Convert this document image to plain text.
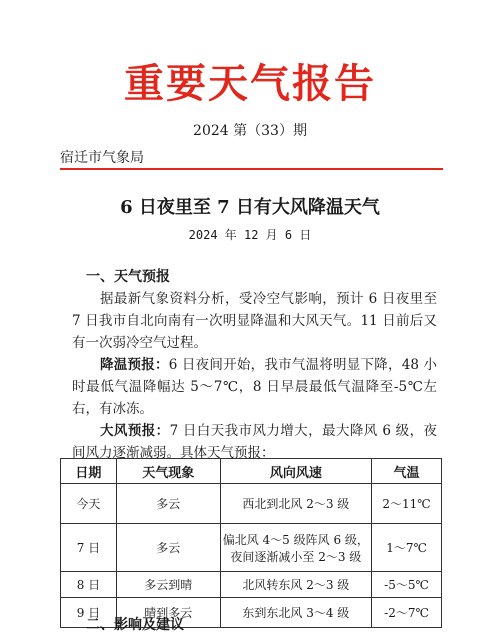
重要天气报告
2024 第（33）期
宿迁市气象局
6 日夜里至 7 日有大风降温天气
2024 年 12 月 6 日
一、天气预报
据最新气象资料分析，受冷空气影响，预计 6 日夜里至 7 日我市自北向南有一次明显降温和大风天气。11 日前后又有一次弱冷空气过程。
降温预报：6 日夜间开始，我市气温将明显下降，48 小时最低气温降幅达 5～7℃，8 日早晨最低气温降至-5℃左右，有冰冻。
大风预报：7 日白天我市风力增大，最大降风 6 级，夜间风力逐渐减弱。具体天气预报：
日期	天气现象	风向风速	气温
今天	多云	西北到北风 2～3 级	2～11℃
7 日	多云	偏北风 4～5 级阵风 6 级，夜间逐渐减小至 2～3 级	1～7℃
8 日	多云到晴	北风转东风 2～3 级	-5～5℃
9 日	晴到多云	东到东北风 3～4 级	-2～7℃
二、影响及建议
